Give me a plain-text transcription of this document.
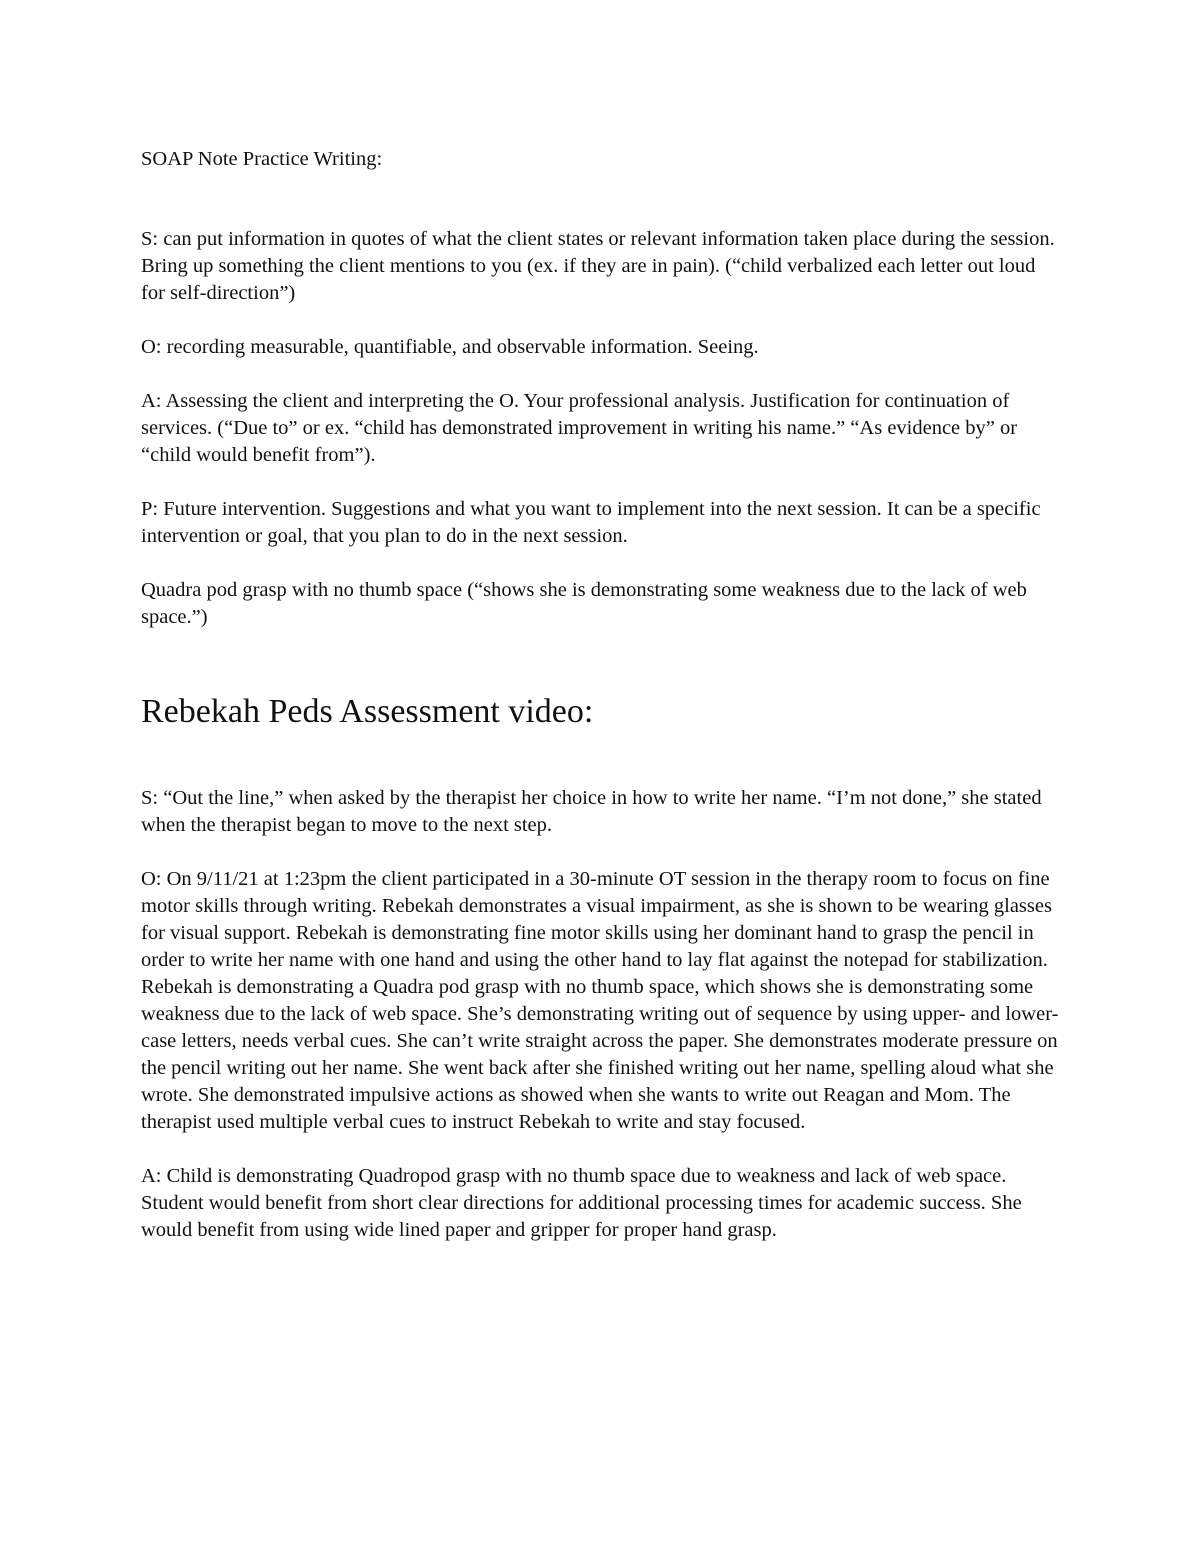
SOAP Note Practice Writing:

S: can put information in quotes of what the client states or relevant information taken place during the session. Bring up something the client mentions to you (ex. if they are in pain). (“child verbalized each letter out loud for self-direction”)

O: recording measurable, quantifiable, and observable information. Seeing.

A: Assessing the client and interpreting the O. Your professional analysis. Justification for continuation of services. (“Due to” or ex. “child has demonstrated improvement in writing his name.” “As evidence by” or “child would benefit from”).

P: Future intervention. Suggestions and what you want to implement into the next session. It can be a specific intervention or goal, that you plan to do in the next session.

Quadra pod grasp with no thumb space (“shows she is demonstrating some weakness due to the lack of web space.”)

Rebekah Peds Assessment video:

S: “Out the line,” when asked by the therapist her choice in how to write her name. “I’m not done,” she stated when the therapist began to move to the next step.

O: On 9/11/21 at 1:23pm the client participated in a 30-minute OT session in the therapy room to focus on fine motor skills through writing. Rebekah demonstrates a visual impairment, as she is shown to be wearing glasses for visual support. Rebekah is demonstrating fine motor skills using her dominant hand to grasp the pencil in order to write her name with one hand and using the other hand to lay flat against the notepad for stabilization. Rebekah is demonstrating a Quadra pod grasp with no thumb space, which shows she is demonstrating some weakness due to the lack of web space. She’s demonstrating writing out of sequence by using upper- and lower-case letters, needs verbal cues. She can’t write straight across the paper. She demonstrates moderate pressure on the pencil writing out her name. She went back after she finished writing out her name, spelling aloud what she wrote. She demonstrated impulsive actions as showed when she wants to write out Reagan and Mom. The therapist used multiple verbal cues to instruct Rebekah to write and stay focused.

A: Child is demonstrating Quadropod grasp with no thumb space due to weakness and lack of web space. Student would benefit from short clear directions for additional processing times for academic success. She would benefit from using wide lined paper and gripper for proper hand grasp.
